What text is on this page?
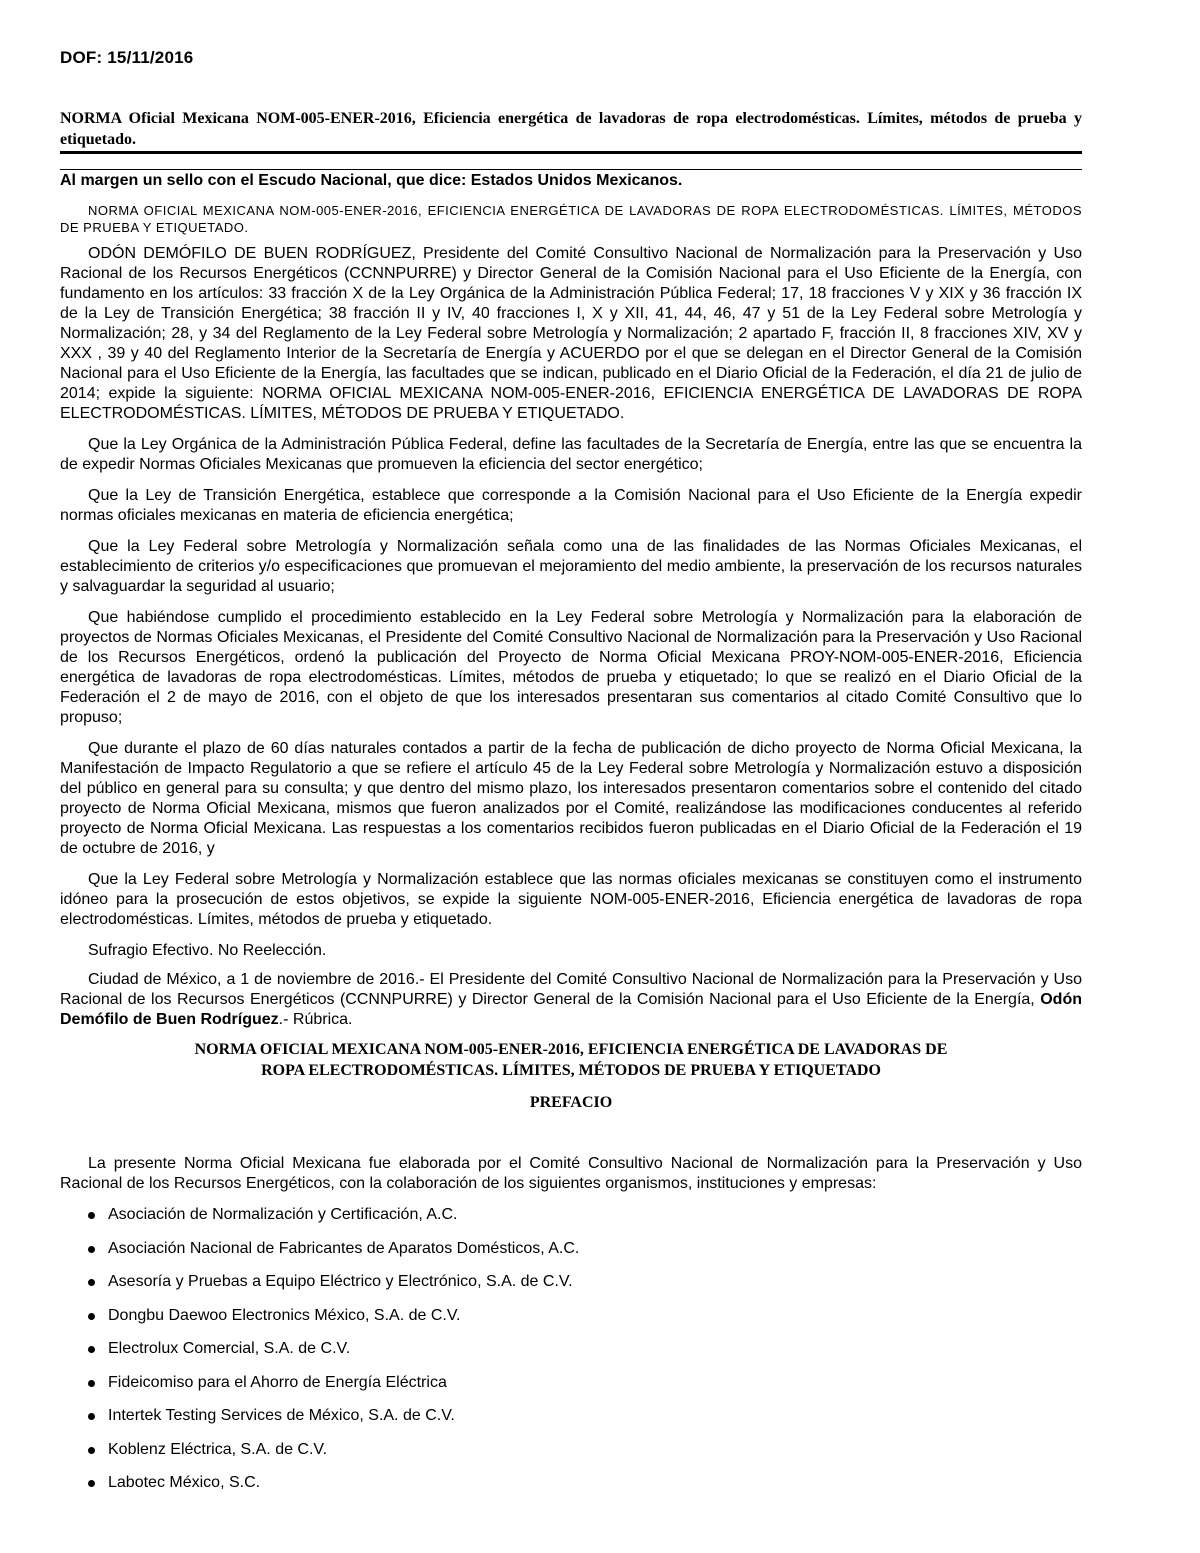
DOF: 15/11/2016
NORMA Oficial Mexicana NOM-005-ENER-2016, Eficiencia energética de lavadoras de ropa electrodomésticas. Límites, métodos de prueba y etiquetado.
Al margen un sello con el Escudo Nacional, que dice: Estados Unidos Mexicanos.

NORMA OFICIAL MEXICANA NOM-005-ENER-2016, EFICIENCIA ENERGÉTICA DE LAVADORAS DE ROPA ELECTRODOMÉSTICAS. LÍMITES, MÉTODOS DE PRUEBA Y ETIQUETADO.

ODÓN DEMÓFILO DE BUEN RODRÍGUEZ, Presidente del Comité Consultivo Nacional de Normalización para la Preservación y Uso Racional de los Recursos Energéticos (CCNNPURRE) y Director General de la Comisión Nacional para el Uso Eficiente de la Energía, con fundamento en los artículos: 33 fracción X de la Ley Orgánica de la Administración Pública Federal; 17, 18 fracciones V y XIX y 36 fracción IX de la Ley de Transición Energética; 38 fracción II y IV, 40 fracciones I, X y XII, 41, 44, 46, 47 y 51 de la Ley Federal sobre Metrología y Normalización; 28, y 34 del Reglamento de la Ley Federal sobre Metrología y Normalización; 2 apartado F, fracción II, 8 fracciones XIV, XV y XXX , 39 y 40 del Reglamento Interior de la Secretaría de Energía y ACUERDO por el que se delegan en el Director General de la Comisión Nacional para el Uso Eficiente de la Energía, las facultades que se indican, publicado en el Diario Oficial de la Federación, el día 21 de julio de 2014; expide la siguiente: NORMA OFICIAL MEXICANA NOM-005-ENER-2016, EFICIENCIA ENERGÉTICA DE LAVADORAS DE ROPA ELECTRODOMÉSTICAS. LÍMITES, MÉTODOS DE PRUEBA Y ETIQUETADO.

Que la Ley Orgánica de la Administración Pública Federal, define las facultades de la Secretaría de Energía, entre las que se encuentra la de expedir Normas Oficiales Mexicanas que promueven la eficiencia del sector energético;

Que la Ley de Transición Energética, establece que corresponde a la Comisión Nacional para el Uso Eficiente de la Energía expedir normas oficiales mexicanas en materia de eficiencia energética;

Que la Ley Federal sobre Metrología y Normalización señala como una de las finalidades de las Normas Oficiales Mexicanas, el establecimiento de criterios y/o especificaciones que promuevan el mejoramiento del medio ambiente, la preservación de los recursos naturales y salvaguardar la seguridad al usuario;

Que habiéndose cumplido el procedimiento establecido en la Ley Federal sobre Metrología y Normalización para la elaboración de proyectos de Normas Oficiales Mexicanas, el Presidente del Comité Consultivo Nacional de Normalización para la Preservación y Uso Racional de los Recursos Energéticos, ordenó la publicación del Proyecto de Norma Oficial Mexicana PROY-NOM-005-ENER-2016, Eficiencia energética de lavadoras de ropa electrodomésticas. Límites, métodos de prueba y etiquetado; lo que se realizó en el Diario Oficial de la Federación el 2 de mayo de 2016, con el objeto de que los interesados presentaran sus comentarios al citado Comité Consultivo que lo propuso;

Que durante el plazo de 60 días naturales contados a partir de la fecha de publicación de dicho proyecto de Norma Oficial Mexicana, la Manifestación de Impacto Regulatorio a que se refiere el artículo 45 de la Ley Federal sobre Metrología y Normalización estuvo a disposición del público en general para su consulta; y que dentro del mismo plazo, los interesados presentaron comentarios sobre el contenido del citado proyecto de Norma Oficial Mexicana, mismos que fueron analizados por el Comité, realizándose las modificaciones conducentes al referido proyecto de Norma Oficial Mexicana. Las respuestas a los comentarios recibidos fueron publicadas en el Diario Oficial de la Federación el 19 de octubre de 2016, y

Que la Ley Federal sobre Metrología y Normalización establece que las normas oficiales mexicanas se constituyen como el instrumento idóneo para la prosecución de estos objetivos, se expide la siguiente NOM-005-ENER-2016, Eficiencia energética de lavadoras de ropa electrodomésticas. Límites, métodos de prueba y etiquetado.

Sufragio Efectivo. No Reelección.

Ciudad de México, a 1 de noviembre de 2016.- El Presidente del Comité Consultivo Nacional de Normalización para la Preservación y Uso Racional de los Recursos Energéticos (CCNNPURRE) y Director General de la Comisión Nacional para el Uso Eficiente de la Energía, Odón Demófilo de Buen Rodríguez.- Rúbrica.

NORMA OFICIAL MEXICANA NOM-005-ENER-2016, EFICIENCIA ENERGÉTICA DE LAVADORAS DE
ROPA ELECTRODOMÉSTICAS. LÍMITES, MÉTODOS DE PRUEBA Y ETIQUETADO
PREFACIO

La presente Norma Oficial Mexicana fue elaborada por el Comité Consultivo Nacional de Normalización para la Preservación y Uso Racional de los Recursos Energéticos, con la colaboración de los siguientes organismos, instituciones y empresas:

Asociación de Normalización y Certificación, A.C.
Asociación Nacional de Fabricantes de Aparatos Domésticos, A.C.
Asesoría y Pruebas a Equipo Eléctrico y Electrónico, S.A. de C.V.
Dongbu Daewoo Electronics México, S.A. de C.V.
Electrolux Comercial, S.A. de C.V.
Fideicomiso para el Ahorro de Energía Eléctrica
Intertek Testing Services de México, S.A. de C.V.
Koblenz Eléctrica, S.A. de C.V.
Labotec México, S.C.
